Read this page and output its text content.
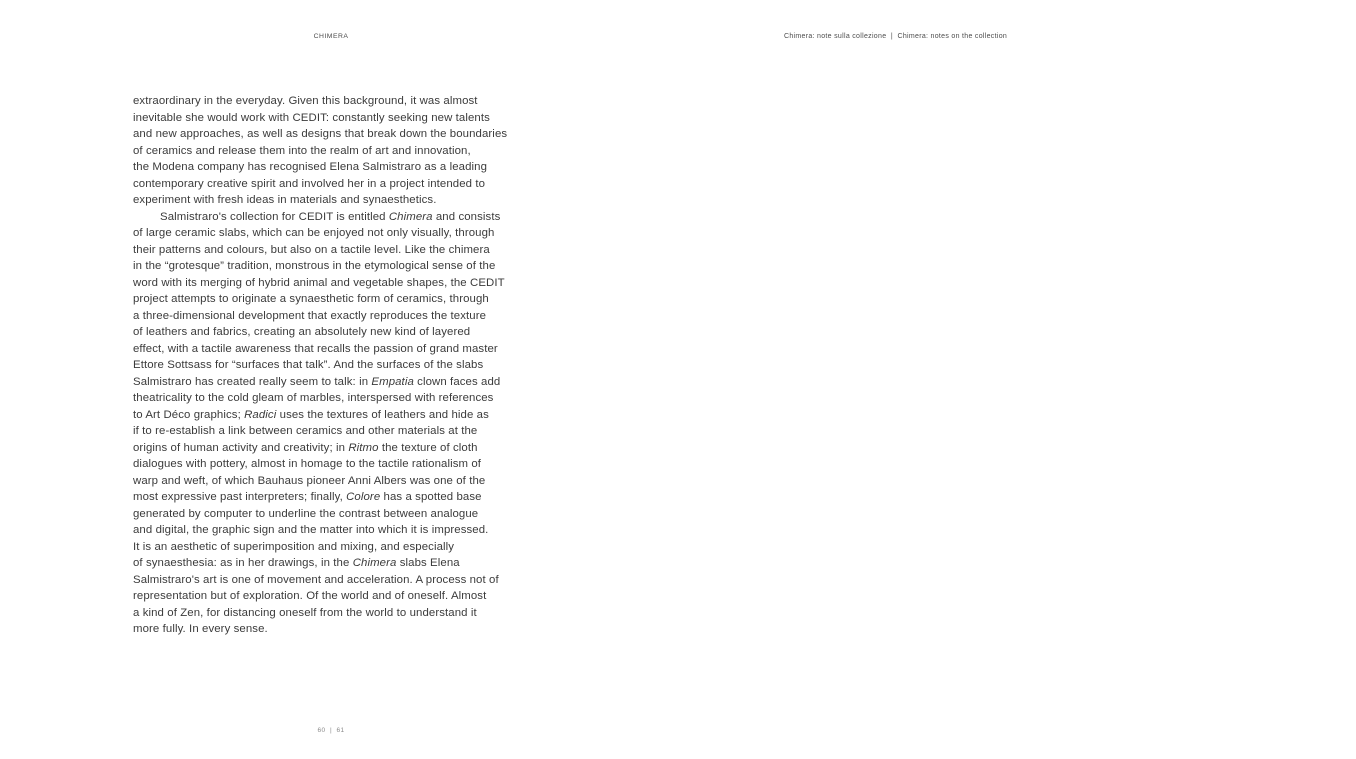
CHIMERA	Chimera: note sulla collezione  |  Chimera: notes on the collection
extraordinary in the everyday. Given this background, it was almost
inevitable she would work with CEDIT: constantly seeking new talents
and new approaches, as well as designs that break down the boundaries
of ceramics and release them into the realm of art and innovation,
the Modena company has recognised Elena Salmistraro as a leading
contemporary creative spirit and involved her in a project intended to
experiment with fresh ideas in materials and synaesthetics.
Salmistraro's collection for CEDIT is entitled Chimera and consists
of large ceramic slabs, which can be enjoyed not only visually, through
their patterns and colours, but also on a tactile level. Like the chimera
in the “grotesque” tradition, monstrous in the etymological sense of the
word with its merging of hybrid animal and vegetable shapes, the CEDIT
project attempts to originate a synaesthetic form of ceramics, through
a three-dimensional development that exactly reproduces the texture
of leathers and fabrics, creating an absolutely new kind of layered
effect, with a tactile awareness that recalls the passion of grand master
Ettore Sottsass for “surfaces that talk”. And the surfaces of the slabs
Salmistraro has created really seem to talk: in Empatia clown faces add
theatricality to the cold gleam of marbles, interspersed with references
to Art Déco graphics; Radici uses the textures of leathers and hide as
if to re-establish a link between ceramics and other materials at the
origins of human activity and creativity; in Ritmo the texture of cloth
dialogues with pottery, almost in homage to the tactile rationalism of
warp and weft, of which Bauhaus pioneer Anni Albers was one of the
most expressive past interpreters; finally, Colore has a spotted base
generated by computer to underline the contrast between analogue
and digital, the graphic sign and the matter into which it is impressed.
It is an aesthetic of superimposition and mixing, and especially
of synaesthesia: as in her drawings, in the Chimera slabs Elena
Salmistraro's art is one of movement and acceleration. A process not of
representation but of exploration. Of the world and of oneself. Almost
a kind of Zen, for distancing oneself from the world to understand it
more fully. In every sense.
60  |  61
